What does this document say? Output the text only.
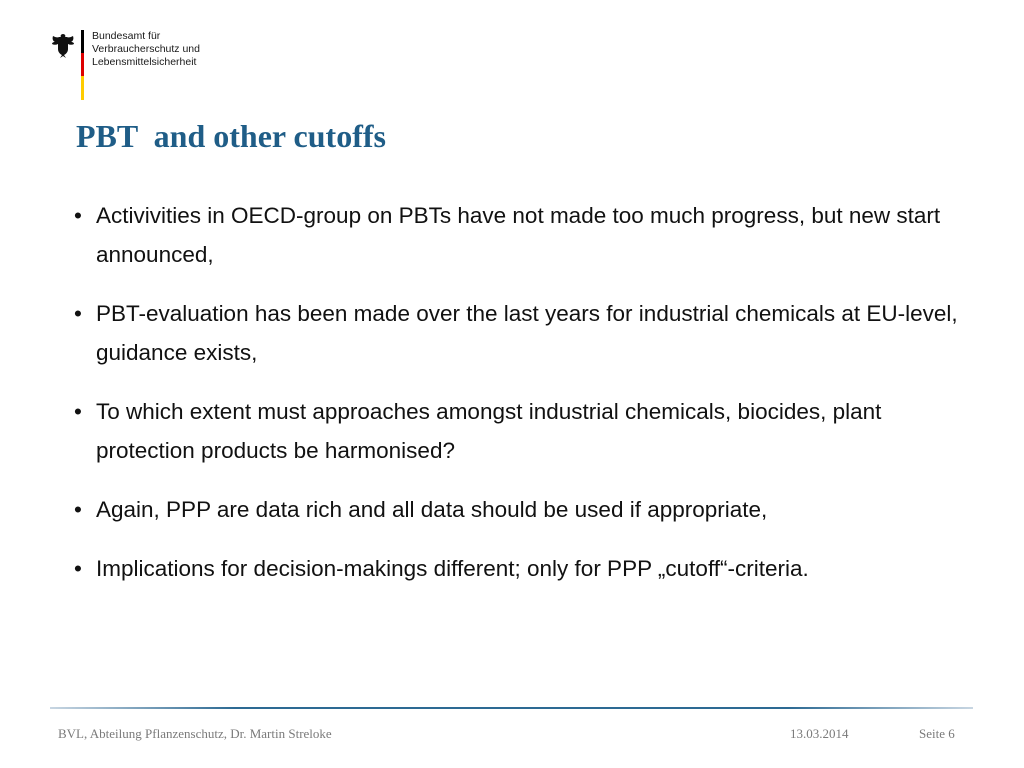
Bundesamt für
Verbraucherschutz und
Lebensmittelsicherheit
PBT  and other cutoffs
• Activivities in OECD-group on PBTs have not made too much progress, but new start announced,
• PBT-evaluation has been made over the last years for industrial chemicals at EU-level, guidance exists,
• To which extent must approaches amongst industrial chemicals, biocides, plant protection products be harmonised?
• Again, PPP are data rich and all data should be used if appropriate,
• Implications for decision-makings different; only for PPP „cutoff“-criteria.
BVL, Abteilung Pflanzenschutz, Dr. Martin Streloke	13.03.2014	Seite 6
